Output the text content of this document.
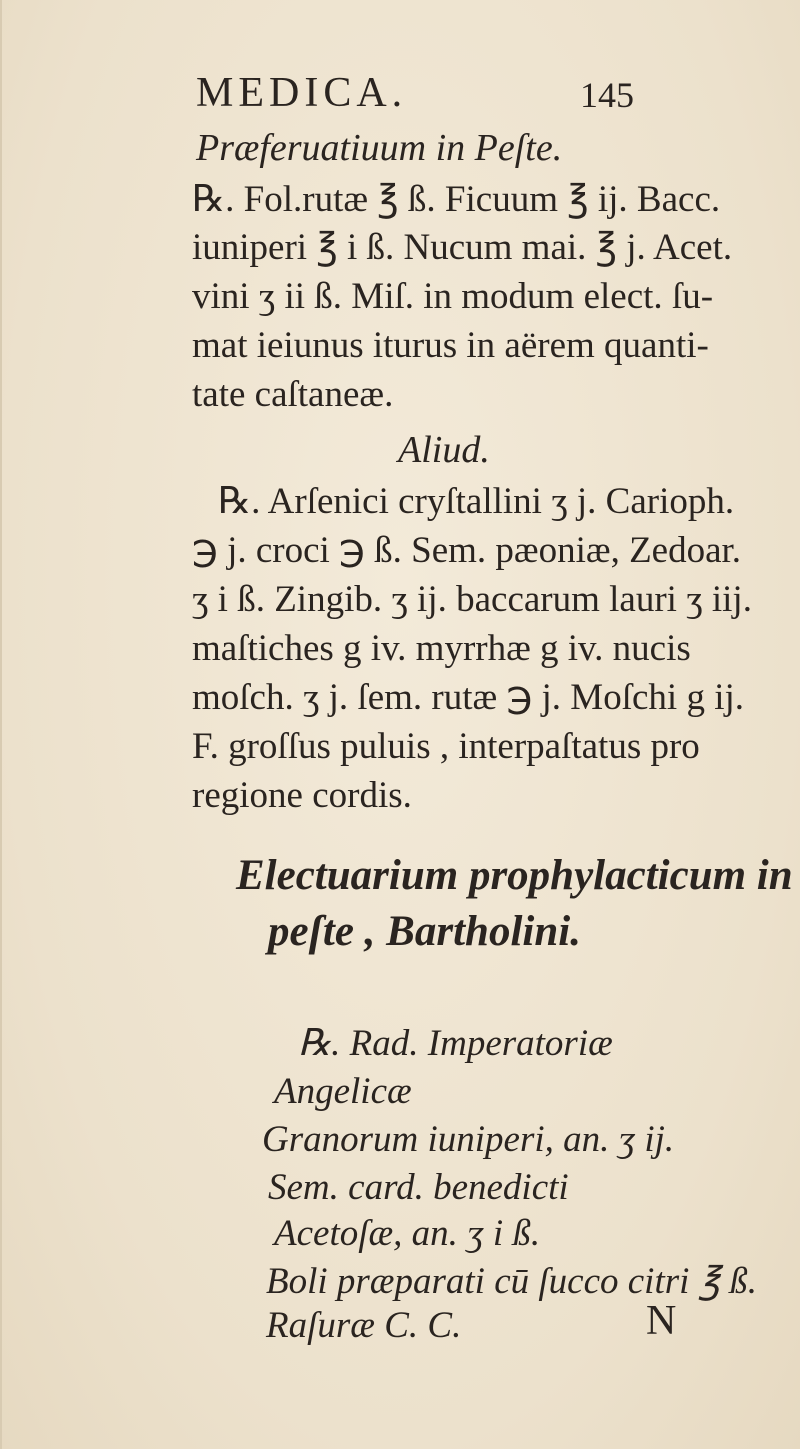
MEDICA.	145
Præferuatiuum in Peſte.
℞. Fol.rutæ ℥ ß. Ficuum ℥ ij. Bacc.
iuniperi ℥ i ß. Nucum mai. ℥ j. Acet.
vini ʒ ii ß. Miſ. in modum elect. ſu-
mat ieiunus iturus in aërem quanti-
tate caſtaneæ.
Aliud.
℞. Arſenici cryſtallini ʒ j. Carioph.
℈ j. croci ℈ ß. Sem. pæoniæ, Zedoar.
ʒ i ß. Zingib. ʒ ij. baccarum lauri ʒ iij.
maſtiches g iv. myrrhæ g iv. nucis
moſch. ʒ j. ſem. rutæ ℈ j. Moſchi g ij.
F. groſſus puluis , interpaſtatus pro
regione cordis.
Electuarium prophylacticum in
peſte , Bartholini.
℞. Rad. Imperatoriæ
Angelicæ
Granorum iuniperi, an. ʒ ij.
Sem. card. benedicti
Acetoſæ, an. ʒ i ß.
Boli præparati cū ſucco citri ℥ ß.
Raſuræ C. C.	N
